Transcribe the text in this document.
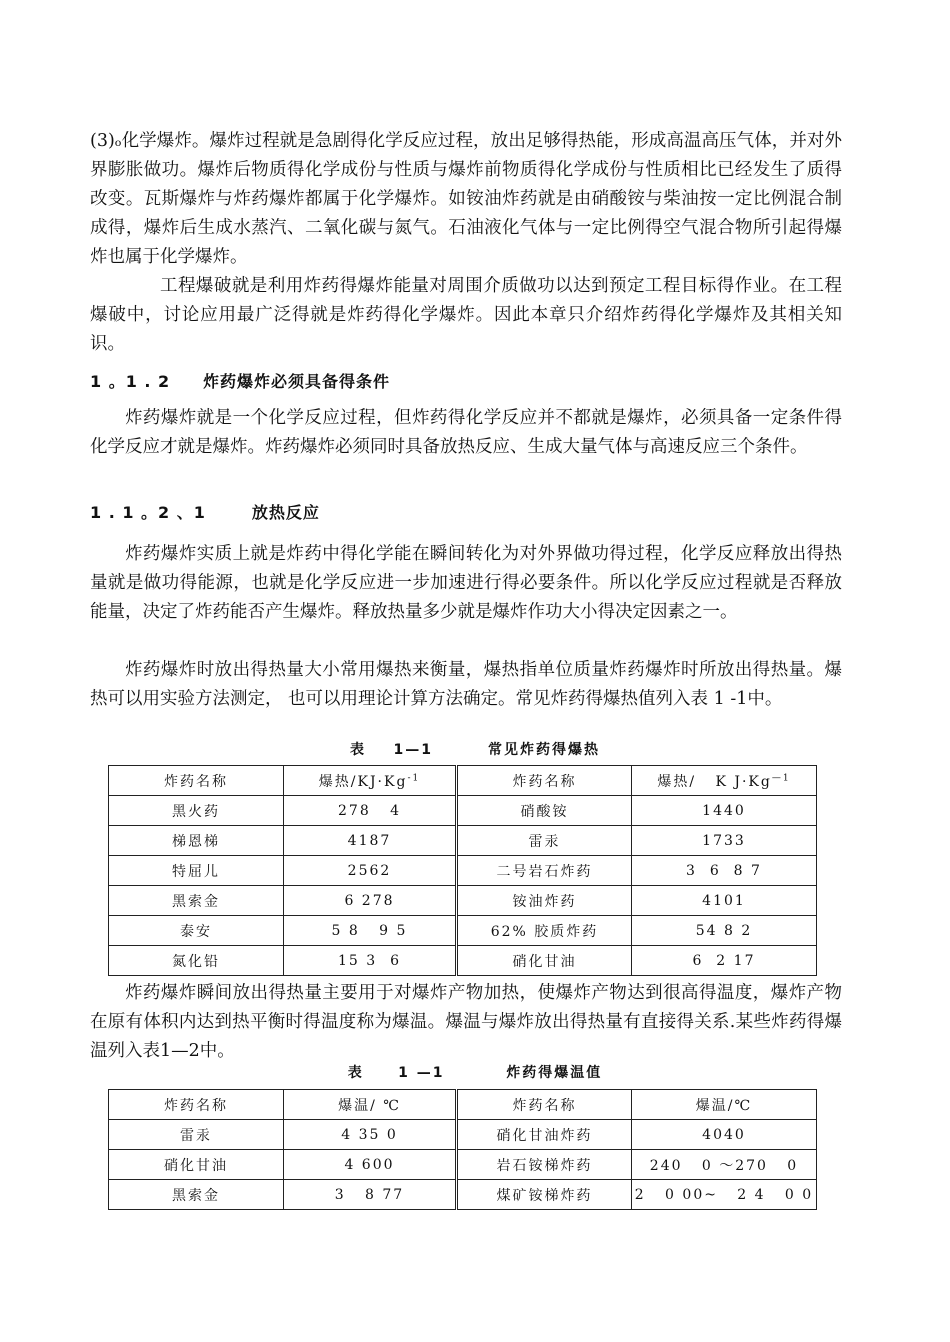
(3)ₒ化学爆炸。爆炸过程就是急剧得化学反应过程，放出足够得热能，形成高温高压气体，并对外界膨胀做功。爆炸后物质得化学成份与性质与爆炸前物质得化学成份与性质相比已经发生了质得改变。瓦斯爆炸与炸药爆炸都属于化学爆炸。如铵油炸药就是由硝酸铵与柴油按一定比例混合制成得，爆炸后生成水蒸汽、二氧化碳与氮气。石油液化气体与一定比例得空气混合物所引起得爆炸也属于化学爆炸。

工程爆破就是利用炸药得爆炸能量对周围介质做功以达到预定工程目标得作业。在工程爆破中，讨论应用最广泛得就是炸药得化学爆炸。因此本章只介绍炸药得化学爆炸及其相关知识。

1 。1 . 2     炸药爆炸必须具备得条件

炸药爆炸就是一个化学反应过程，但炸药得化学反应并不都就是爆炸，必须具备一定条件得化学反应才就是爆炸。炸药爆炸必须同时具备放热反应、生成大量气体与高速反应三个条件。

1 . 1 。2 、1       放热反应

炸药爆炸实质上就是炸药中得化学能在瞬间转化为对外界做功得过程，化学反应释放出得热量就是做功得能源，也就是化学反应进一步加速进行得必要条件。所以化学反应过程就是否释放能量，决定了炸药能否产生爆炸。释放热量多少就是爆炸作功大小得决定因素之一。

炸药爆炸时放出得热量大小常用爆热来衡量，爆热指单位质量炸药爆炸时所放出得热量。爆热可以用实验方法测定， 也可以用理论计算方法确定。常见炸药得爆热值列入表 1 -1中。

表    1—1        常见炸药得爆热
炸药名称	爆热$/KJ\cdot Kg^{-1}$	炸药名称	爆热/   K $J\cdot Kg^{—1}$
黑火药	278   4	硝酸铵	1440
梯恩梯	4187	雷汞	1733
特屈儿	2562	二号岩石炸药	3  6  8 7
黑索金	6 278	铵油炸药	4101
泰安	5 8   9 5	62% 胶质炸药	54 8 2
氮化铅	15 3  6	硝化甘油	6  2 17

炸药爆炸瞬间放出得热量主要用于对爆炸产物加热，使爆炸产物达到很高得温度，爆炸产物在原有体积内达到热平衡时得温度称为爆温。爆温与爆炸放出得热量有直接得关系.某些炸药得爆温列入表1—2中。

表     1 —1         炸药得爆温值
炸药名称	爆温/ ℃	炸药名称	爆温/℃
雷汞	4 35 0	硝化甘油炸药	4040
硝化甘油	4 600	岩石铵梯炸药	240   0 ～270   0
黑索金	3   8 77	煤矿铵梯炸药	2   0 00~   2 4   0 0
